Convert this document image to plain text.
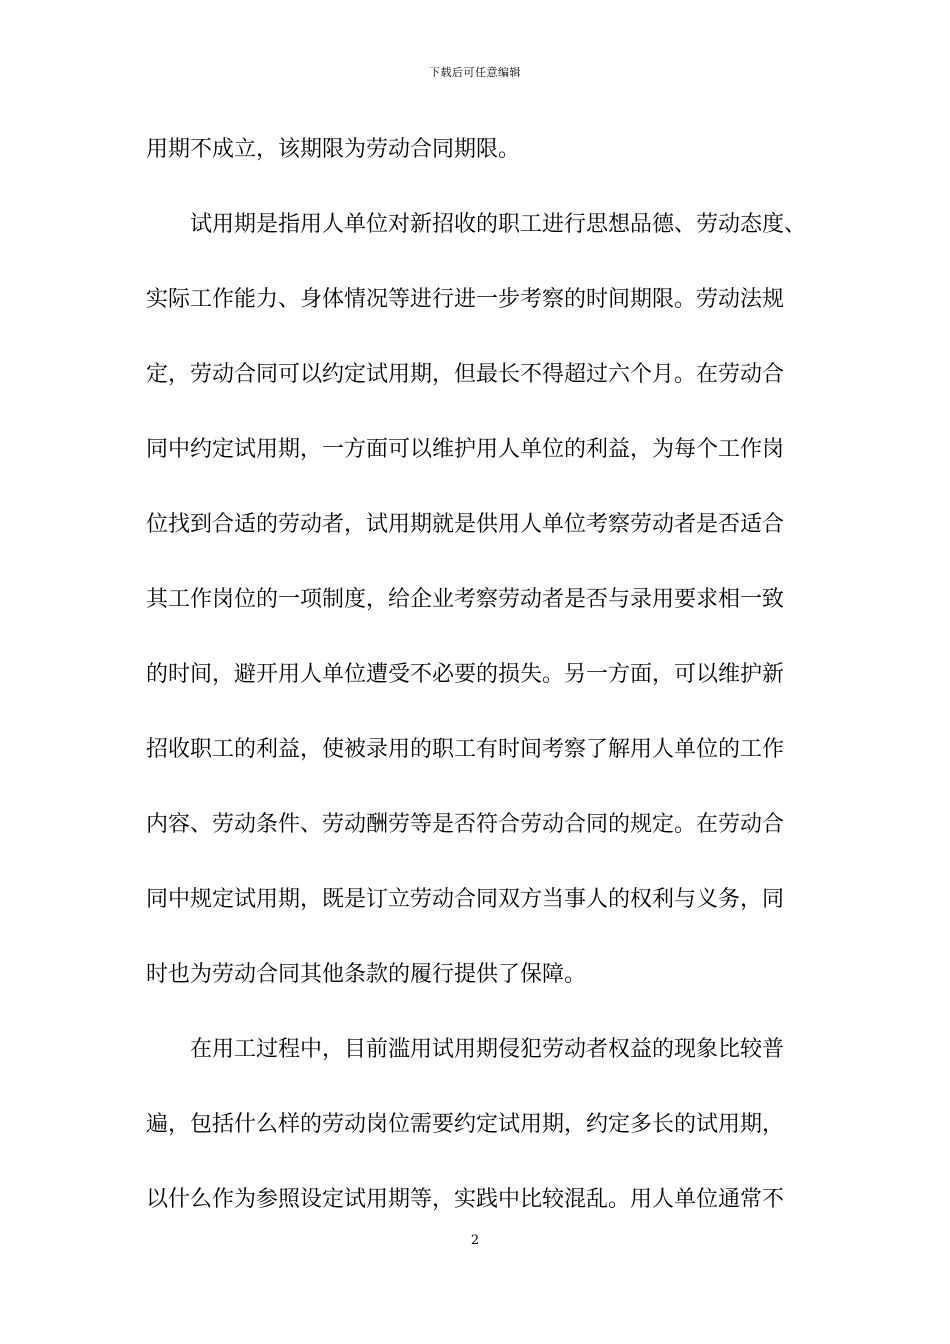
下载后可任意编辑
用期不成立，该期限为劳动合同期限。
　　试用期是指用人单位对新招收的职工进行思想品德、劳动态度、
实际工作能力、身体情况等进行进一步考察的时间期限。劳动法规
定，劳动合同可以约定试用期，但最长不得超过六个月。在劳动合
同中约定试用期，一方面可以维护用人单位的利益，为每个工作岗
位找到合适的劳动者，试用期就是供用人单位考察劳动者是否适合
其工作岗位的一项制度，给企业考察劳动者是否与录用要求相一致
的时间，避开用人单位遭受不必要的损失。另一方面，可以维护新
招收职工的利益，使被录用的职工有时间考察了解用人单位的工作
内容、劳动条件、劳动酬劳等是否符合劳动合同的规定。在劳动合
同中规定试用期，既是订立劳动合同双方当事人的权利与义务，同
时也为劳动合同其他条款的履行提供了保障。
　　在用工过程中，目前滥用试用期侵犯劳动者权益的现象比较普
遍，包括什么样的劳动岗位需要约定试用期，约定多长的试用期，
以什么作为参照设定试用期等，实践中比较混乱。用人单位通常不
2
